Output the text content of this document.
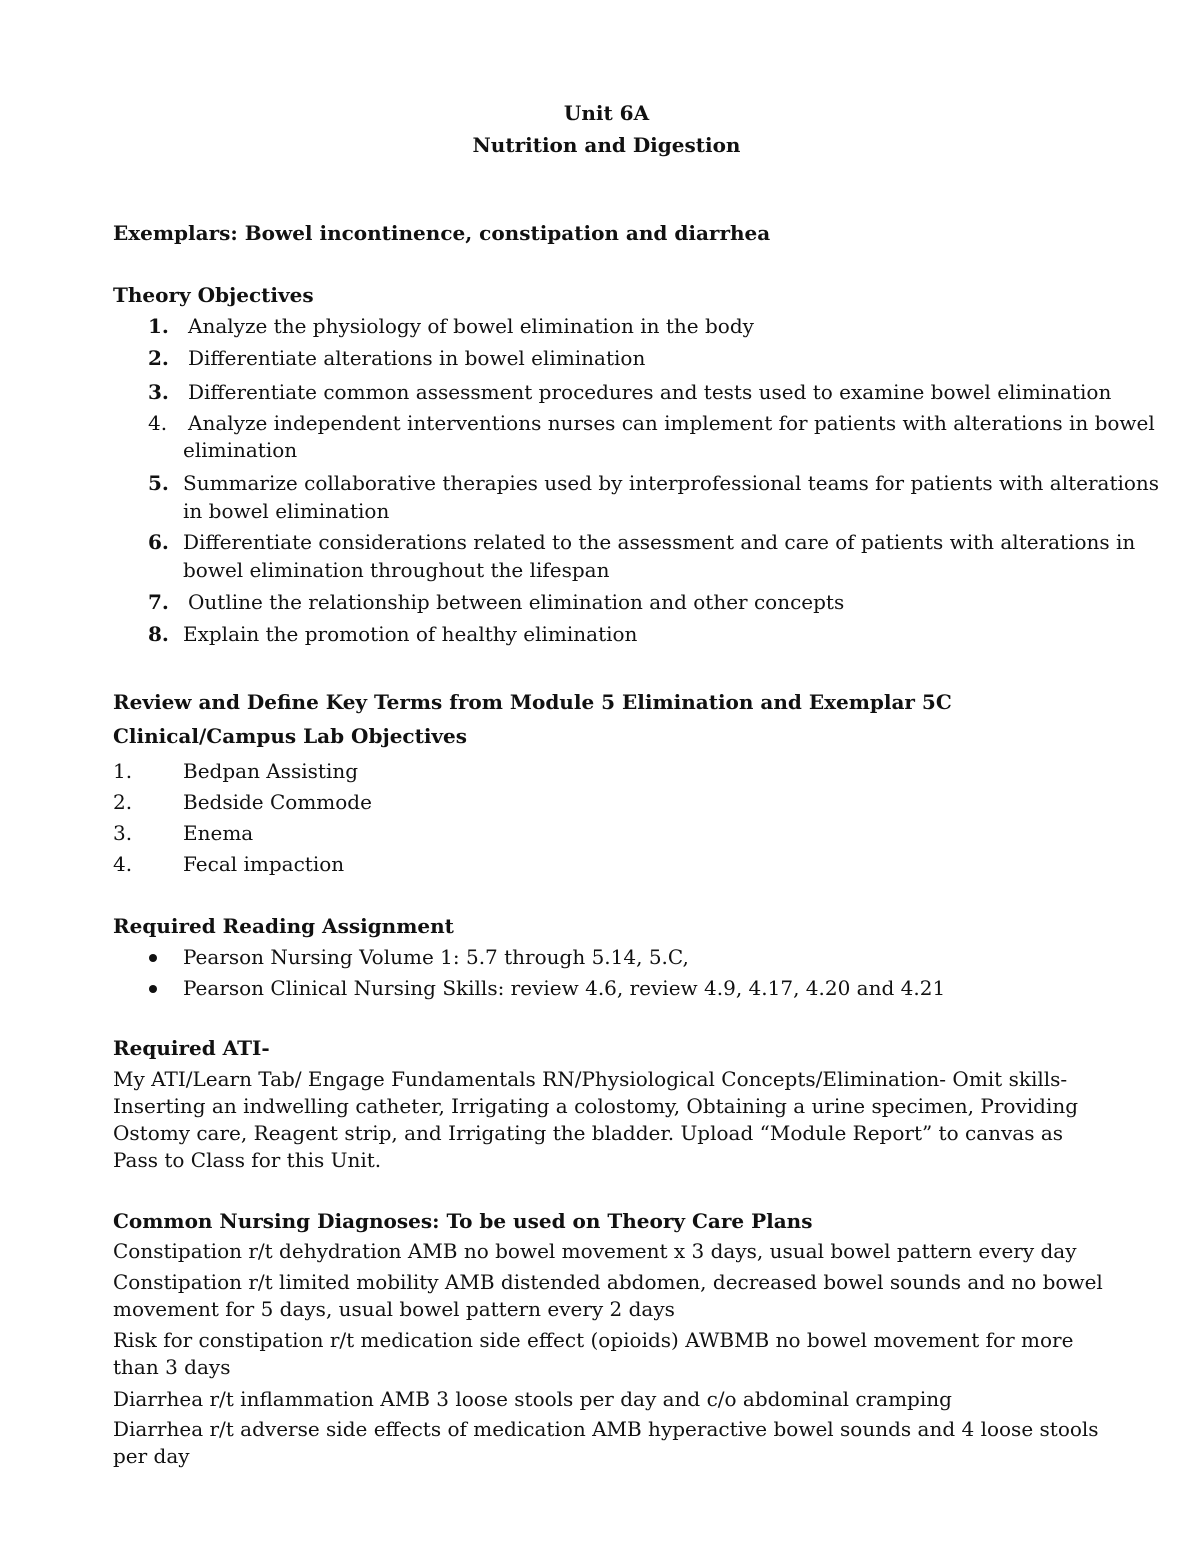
Unit 6A
Nutrition and Digestion
Exemplars: Bowel incontinence, constipation and diarrhea
Theory Objectives
1. Analyze the physiology of bowel elimination in the body
2. Differentiate alterations in bowel elimination
3. Differentiate common assessment procedures and tests used to examine bowel elimination
4. Analyze independent interventions nurses can implement for patients with alterations in bowel
elimination
5. Summarize collaborative therapies used by interprofessional teams for patients with alterations
in bowel elimination
6. Differentiate considerations related to the assessment and care of patients with alterations in
bowel elimination throughout the lifespan
7. Outline the relationship between elimination and other concepts
8. Explain the promotion of healthy elimination
Review and Define Key Terms from Module 5 Elimination and Exemplar 5C
Clinical/Campus Lab Objectives
1.	Bedpan Assisting
2.	Bedside Commode
3.	Enema
4.	Fecal impaction
Required Reading Assignment
Pearson Nursing Volume 1: 5.7 through 5.14, 5.C,
Pearson Clinical Nursing Skills: review 4.6, review 4.9, 4.17, 4.20 and 4.21
Required ATI-
My ATI/Learn Tab/ Engage Fundamentals RN/Physiological Concepts/Elimination- Omit skills- Inserting an indwelling catheter, Irrigating a colostomy, Obtaining a urine specimen, Providing Ostomy care, Reagent strip, and Irrigating the bladder. Upload “Module Report” to canvas as Pass to Class for this Unit.
Common Nursing Diagnoses: To be used on Theory Care Plans
Constipation r/t dehydration AMB no bowel movement x 3 days, usual bowel pattern every day
Constipation r/t limited mobility AMB distended abdomen, decreased bowel sounds and no bowel movement for 5 days, usual bowel pattern every 2 days
Risk for constipation r/t medication side effect (opioids) AWBMB no bowel movement for more than 3 days
Diarrhea r/t inflammation AMB 3 loose stools per day and c/o abdominal cramping
Diarrhea r/t adverse side effects of medication AMB hyperactive bowel sounds and 4 loose stools per day
